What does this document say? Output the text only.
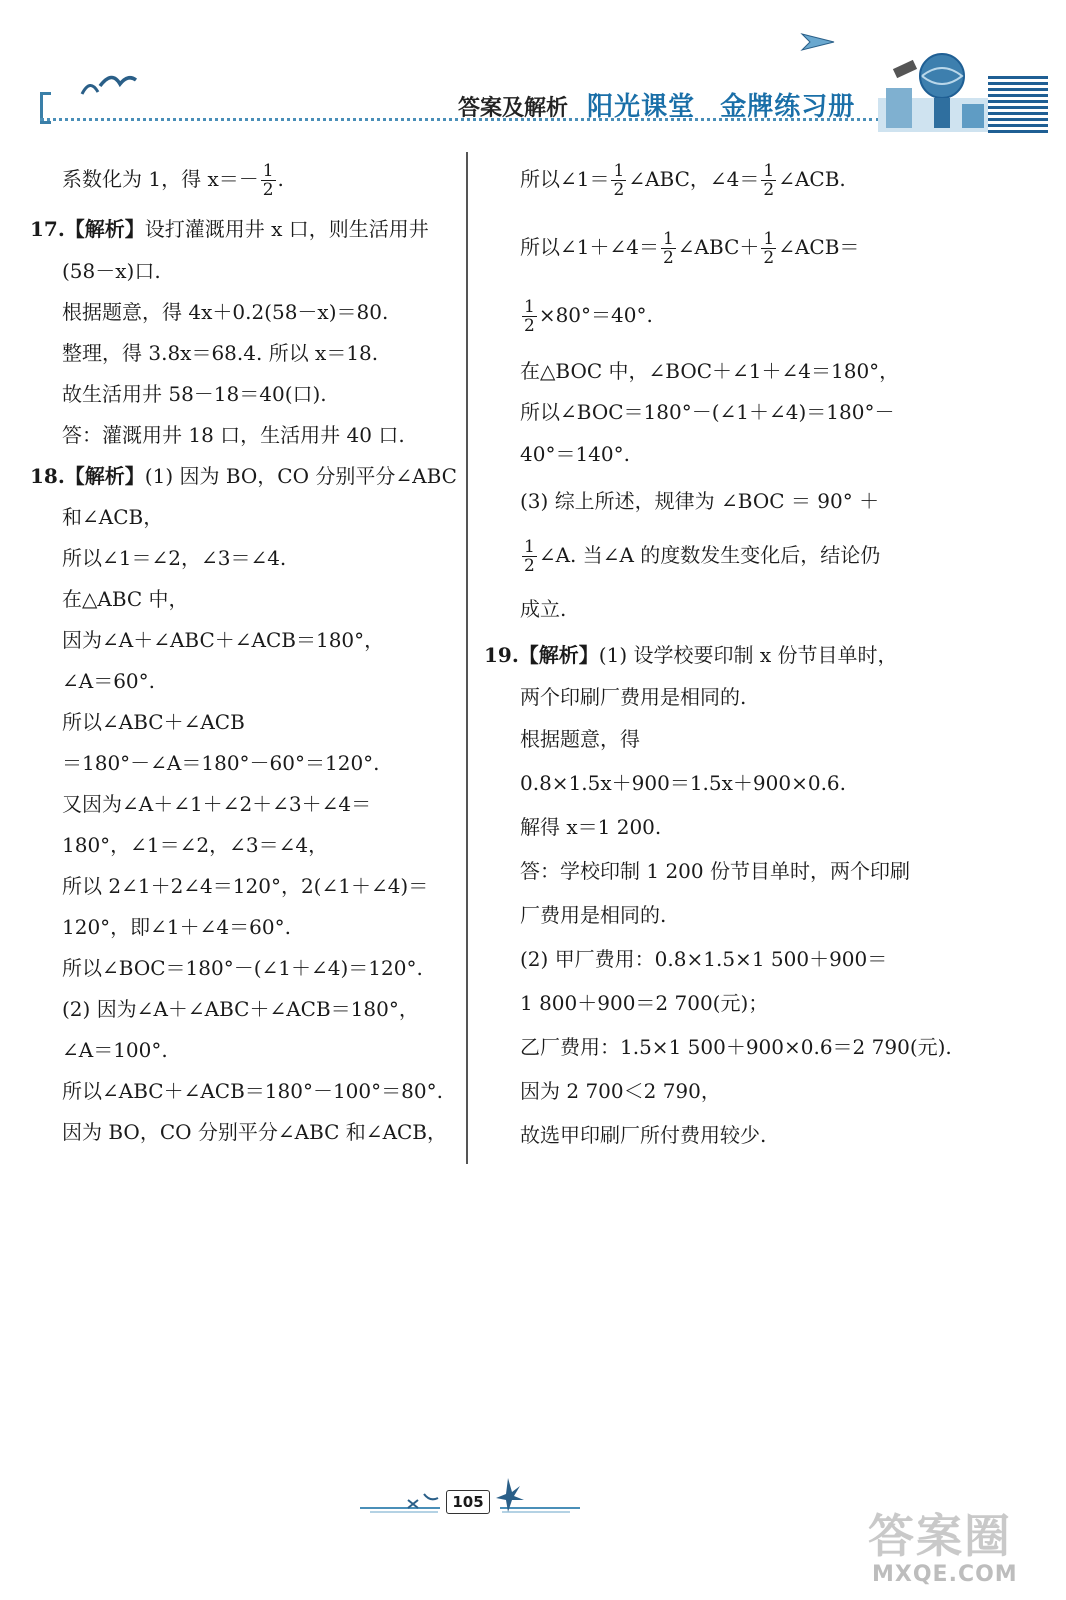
答案及解析 阳光课堂 金牌练习册
系数化为 1，得 $x=- \frac{1}{2}$ .
17.【解析】设打灌溉用井 x 口，则生活用井
(58－x)口.
根据题意，得 4x＋0.2(58－x)＝80.
整理，得 3.8x＝68.4. 所以 x＝18.
故生活用井 58－18＝40(口).
答：灌溉用井 18 口，生活用井 40 口.
18.【解析】(1) 因为 BO，CO 分别平分∠ABC
和∠ACB，
所以∠1＝∠2，∠3＝∠4.
在△ABC 中，
因为∠A＋∠ABC＋∠ACB＝180°，
∠A＝60°.
所以∠ABC＋∠ACB
＝180°－∠A＝180°－60°＝120°.
又因为∠A＋∠1＋∠2＋∠3＋∠4＝
180°，∠1＝∠2，∠3＝∠4，
所以 2∠1＋2∠4＝120°，2(∠1＋∠4)＝
120°，即∠1＋∠4＝60°.
所以∠BOC＝180°－(∠1＋∠4)＝120°.
(2) 因为∠A＋∠ABC＋∠ACB＝180°，
∠A＝100°.
所以∠ABC＋∠ACB＝180°－100°＝80°.
因为 BO，CO 分别平分∠ABC 和∠ACB，
所以∠1＝ $\frac{1}{2}$ ∠ABC，∠4＝ $\frac{1}{2}$ ∠ACB.
所以∠1＋∠4＝ $\frac{1}{2}$ ∠ABC＋ $\frac{1}{2}$ ∠ACB＝
$\frac{1}{2} \times 80^\circ=40^\circ$.
在△BOC 中，∠BOC＋∠1＋∠4＝180°，
所以∠BOC＝180°－(∠1＋∠4)＝180°－
40°＝140°.
(3) 综上所述，规律为 ∠BOC ＝ 90° ＋
$\frac{1}{2}$ ∠A. 当∠A 的度数发生变化后，结论仍
成立.
19.【解析】(1) 设学校要印制 x 份节目单时，
两个印刷厂费用是相同的.
根据题意，得
0.8×1.5x＋900＝1.5x＋900×0.6.
解得 x＝1 200.
答：学校印制 1 200 份节目单时，两个印刷
厂费用是相同的.
(2) 甲厂费用：0.8×1.5×1 500＋900＝
1 800＋900＝2 700(元)；
乙厂费用：1.5×1 500＋900×0.6＝2 790(元).
因为 2 700＜2 790，
故选甲印刷厂所付费用较少.
105
答案圈
MXQE.COM
